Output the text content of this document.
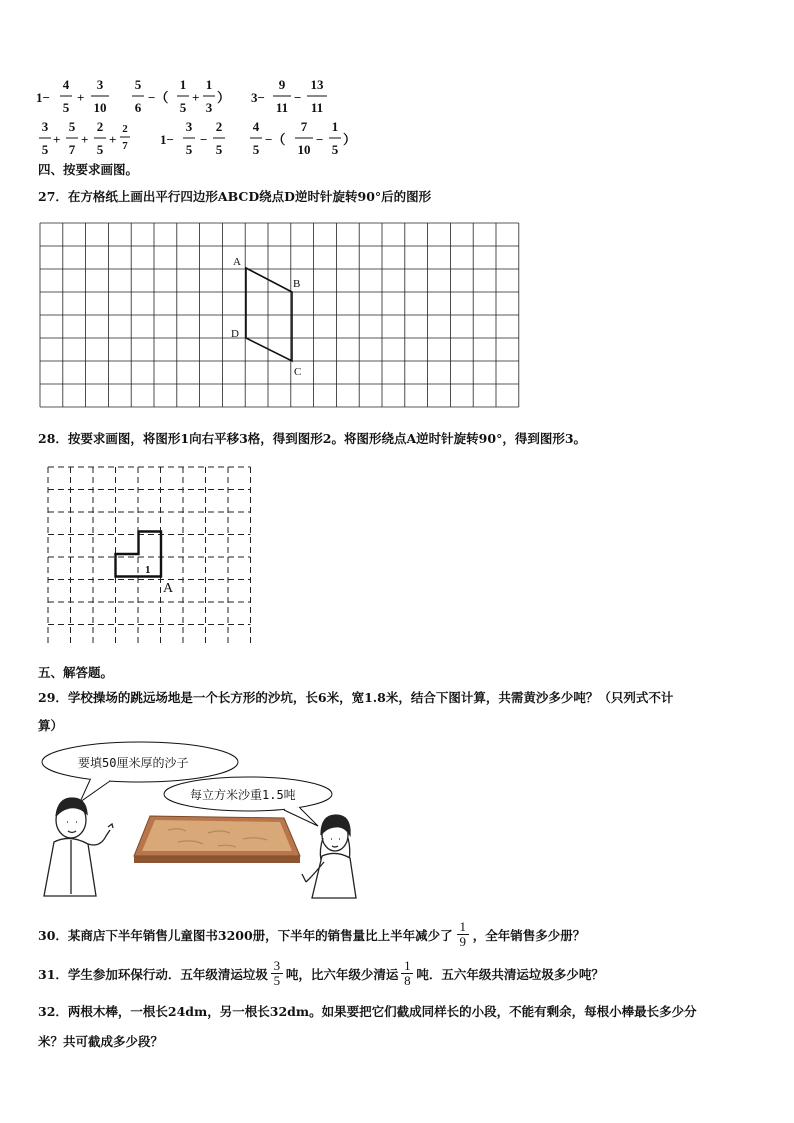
1−
4
5
+
3
10
5
6
−（
1
5
+
1
3
） 3−
9
11
−
13
11
3
5
+
5
7
+
2
5
+
2
7 1−
3
5
−
2
5
4
5
−（
7
10
−
1
5
）
四、按要求画图。
27．在方格纸上画出平行四边形ABCD绕点D逆时针旋转90°后的图形
A
B
C
D
28．按要求画图，将图形1向右平移3格，得到图形2。将图形绕点A逆时针旋转90°，得到图形3。
1
A
五、解答题。
29．学校操场的跳远场地是一个长方形的沙坑，长6米，宽1.8米，结合下图计算，共需黄沙多少吨？（只列式不计
算）
要填50厘米厚的沙子
每立方米沙重1.5吨
30．某商店下半年销售儿童图书3200册，下半年的销售量比上半年减少了
1
9 ，全年销售多少册？
31．学生参加环保行动．五年级清运垃圾
3
5 吨，比六年级少清运
1
8 吨．五六年级共清运垃圾多少吨？
32．两根木棒，一根长24dm，另一根长32dm。如果要把它们截成同样长的小段，不能有剩余，每根小棒最长多少分
米？共可截成多少段？
